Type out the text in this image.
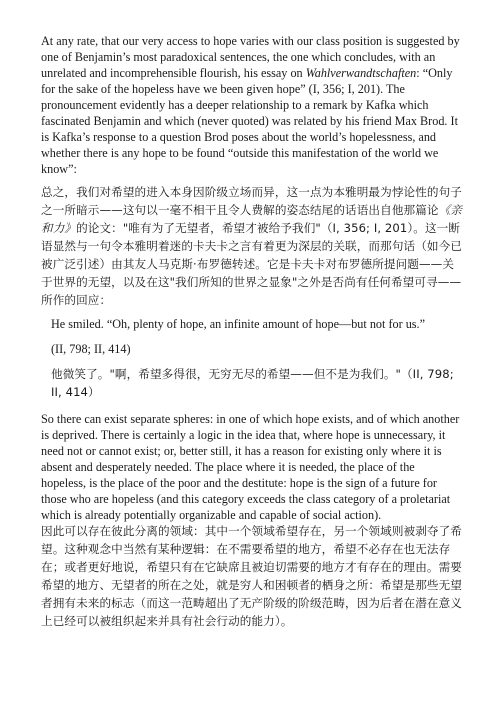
At any rate, that our very access to hope varies with our class position is suggested by one of Benjamin’s most paradoxical sentences, the one which concludes, with an unrelated and incomprehensible flourish, his essay on Wahlverwandtschaften: “Only for the sake of the hopeless have we been given hope” (I, 356; I, 201). The pronouncement evidently has a deeper relationship to a remark by Kafka which fascinated Benjamin and which (never quoted) was related by his friend Max Brod. It is Kafka’s response to a question Brod poses about the world’s hopelessness, and whether there is any hope to be found “outside this manifestation of the world we know”:

总之，我们对希望的进入本身因阶级立场而异，这一点为本雅明最为悖论性的句子之一所暗示——这句以一毫不相干且令人费解的姿态结尾的话语出自他那篇论《亲和力》的论文："唯有为了无望者，希望才被给予我们"（I, 356; I, 201）。这一断语显然与一句令本雅明着迷的卡夫卡之言有着更为深层的关联，而那句话（如今已被广泛引述）由其友人马克斯·布罗德转述。它是卡夫卡对布罗德所提问题——关于世界的无望，以及在这"我们所知的世界之显象"之外是否尚有任何希望可寻——所作的回应：

He smiled. “Oh, plenty of hope, an infinite amount of hope—but not for us.”

(II, 798; II, 414)

他微笑了。"啊，希望多得很，无穷无尽的希望——但不是为我们。"（II, 798; II, 414）

So there can exist separate spheres: in one of which hope exists, and of which another is deprived. There is certainly a logic in the idea that, where hope is unnecessary, it need not or cannot exist; or, better still, it has a reason for existing only where it is absent and desperately needed. The place where it is needed, the place of the hopeless, is the place of the poor and the destitute: hope is the sign of a future for those who are hopeless (and this category exceeds the class category of a proletariat which is already potentially organizable and capable of social action).

因此可以存在彼此分离的领域：其中一个领域希望存在，另一个领域则被剥夺了希望。这种观念中当然有某种逻辑：在不需要希望的地方，希望不必存在也无法存在；或者更好地说，希望只有在它缺席且被迫切需要的地方才有存在的理由。需要希望的地方、无望者的所在之处，就是穷人和困顿者的栖身之所：希望是那些无望者拥有未来的标志（而这一范畴超出了无产阶级的阶级范畴，因为后者在潜在意义上已经可以被组织起来并具有社会行动的能力）。
